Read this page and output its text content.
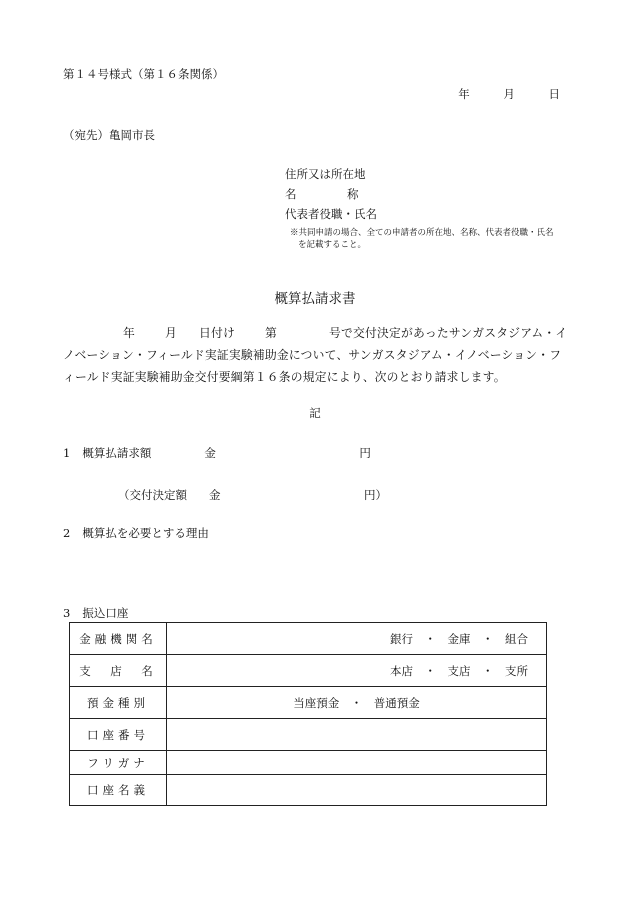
第１４号様式（第１６条関係）
年	月	日
（宛先）亀岡市長
住所又は所在地
名	称
代表者役職・氏名
※共同申請の場合、全ての申請者の所在地、名称、代表者役職・氏名
を記載すること。
概算払請求書
年	月 日付け	第	号で交付決定があったサンガスタジアム・イノベーション・フィールド実証実験補助金について、サンガスタジアム・イノベーション・フィールド実証実験補助金交付要綱第１６条の規定により、次のとおり請求します。
記
1 概算払請求額	金	円
（交付決定額 金	円）
2 概算払を必要とする理由
3 振込口座
金融機関名	銀行　・　金庫　・　組合
支　店　名	本店　・　支店　・　支所
預金種別	当座預金　・　普通預金
口座番号	
フリガナ	
口座名義	
